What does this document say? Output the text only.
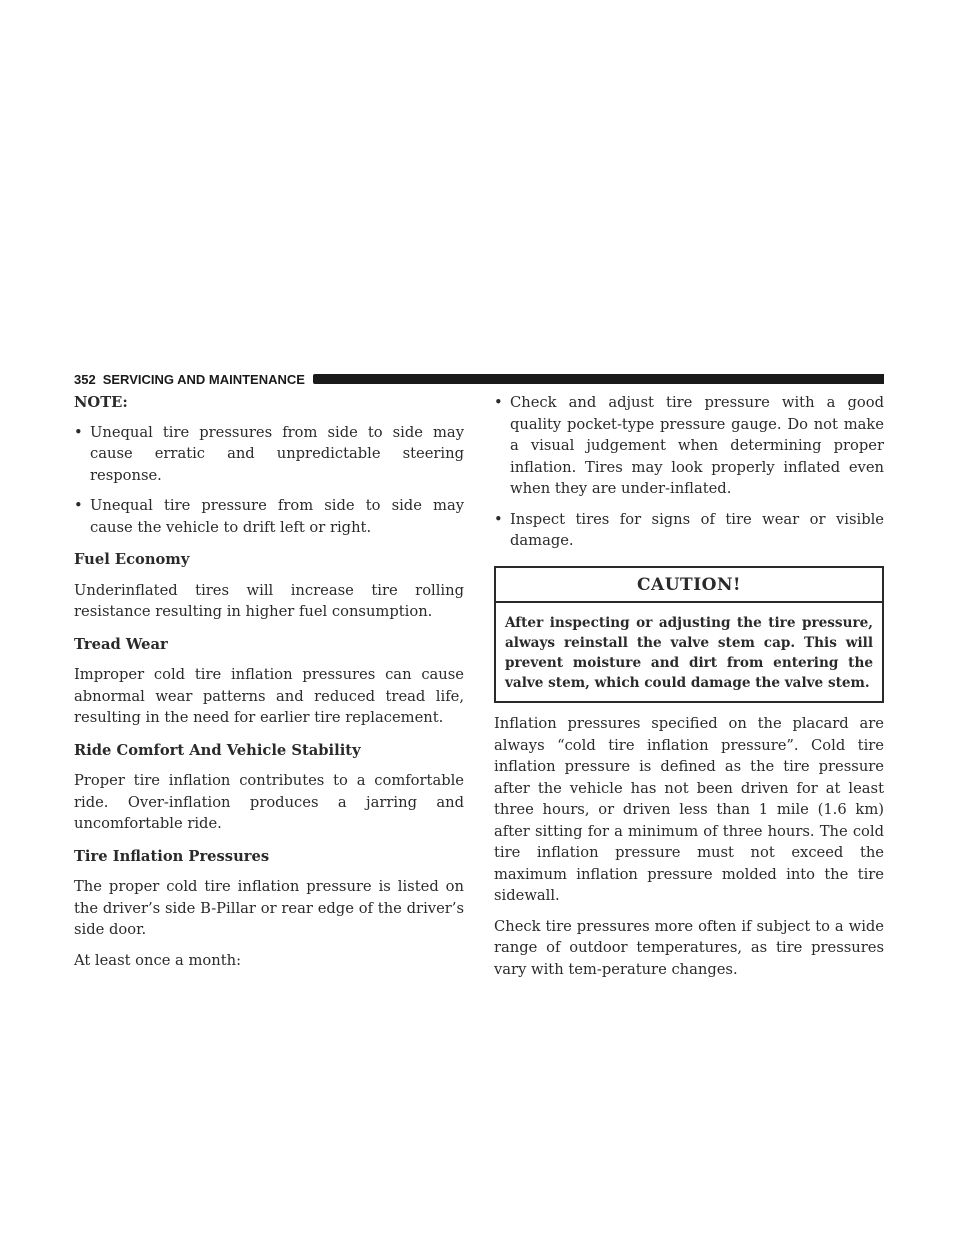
352 SERVICING AND MAINTENANCE

NOTE:

• Unequal tire pressures from side to side may cause erratic and unpredictable steering response.
• Unequal tire pressure from side to side may cause the vehicle to drift left or right.

Fuel Economy

Underinflated tires will increase tire rolling resistance resulting in higher fuel consumption.

Tread Wear

Improper cold tire inflation pressures can cause abnormal wear patterns and reduced tread life, resulting in the need for earlier tire replacement.

Ride Comfort And Vehicle Stability

Proper tire inflation contributes to a comfortable ride. Over-inflation produces a jarring and uncomfortable ride.

Tire Inflation Pressures

The proper cold tire inflation pressure is listed on the driver’s side B-Pillar or rear edge of the driver’s side door.

At least once a month:

• Check and adjust tire pressure with a good quality pocket-type pressure gauge. Do not make a visual judgement when determining proper inflation. Tires may look properly inflated even when they are under-inflated.
• Inspect tires for signs of tire wear or visible damage.
CAUTION!
After inspecting or adjusting the tire pressure, always reinstall the valve stem cap. This will prevent moisture and dirt from entering the valve stem, which could damage the valve stem.

Inflation pressures specified on the placard are always “cold tire inflation pressure”. Cold tire inflation pressure is defined as the tire pressure after the vehicle has not been driven for at least three hours, or driven less than 1 mile (1.6 km) after sitting for a minimum of three hours. The cold tire inflation pressure must not exceed the maximum inflation pressure molded into the tire sidewall.

Check tire pressures more often if subject to a wide range of outdoor temperatures, as tire pressures vary with tem-perature changes.
